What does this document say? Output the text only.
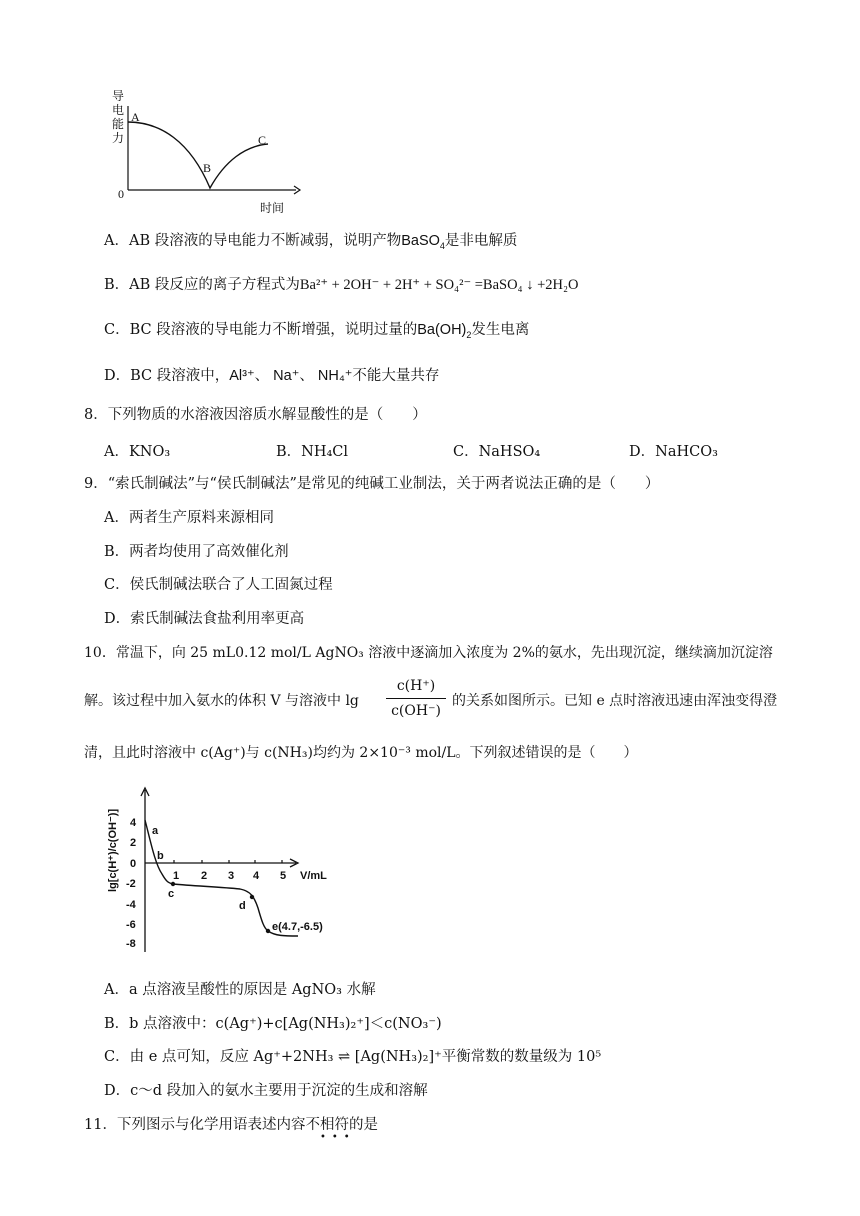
导
电
能
力
0
时间
A
B
C
A．AB 段溶液的导电能力不断减弱，说明产物BaSO$_4$是非电解质
B．AB 段反应的离子方程式为Ba²⁺ + 2OH⁻ + 2H⁺ + SO₄²⁻ =BaSO₄ ↓ +2H₂O
C．BC 段溶液的导电能力不断增强，说明过量的$Ba(OH)_2$发生电离
D．BC 段溶液中，Al³⁺、 Na⁺、 NH₄⁺不能大量共存
8．下列物质的水溶液因溶质水解显酸性的是（　　）
A．KNO₃	B．NH₄Cl	C．NaHSO₄	D．NaHCO₃
9．“索氏制碱法”与“侯氏制碱法”是常见的纯碱工业制法，关于两者说法正确的是（　　）
A．两者生产原料来源相同
B．两者均使用了高效催化剂
C．侯氏制碱法联合了人工固氮过程
D．索氏制碱法食盐利用率更高
10．常温下，向 25 mL0.12 mol/L AgNO₃ 溶液中逐滴加入浓度为 2%的氨水，先出现沉淀，继续滴加沉淀溶
解。该过程中加入氨水的体积 V 与溶液中 lg
c(H⁺)
c(OH⁻)
的关系如图所示。已知 e 点时溶液迅速由浑浊变得澄
清，且此时溶液中 c(Ag⁺)与 c(NH₃)均约为 2×10⁻³ mol/L。下列叙述错误的是（　　）
lg[c(H⁺)/c(OH⁻)] 4
2
0
-2
-4
-6
-8
1 2 3 4 5 V/mL
a
b
c
d
e(4.7,-6.5)
A．a 点溶液呈酸性的原因是 AgNO₃ 水解
B．b 点溶液中：c(Ag⁺)+c[Ag(NH₃)₂⁺]＜c(NO₃⁻)
C．由 e 点可知，反应 Ag⁺+2NH₃ ⇌ [Ag(NH₃)₂]⁺平衡常数的数量级为 10⁵
D．c～d 段加入的氨水主要用于沉淀的生成和溶解
11．下列图示与化学用语表述内容不相符的是
•••
